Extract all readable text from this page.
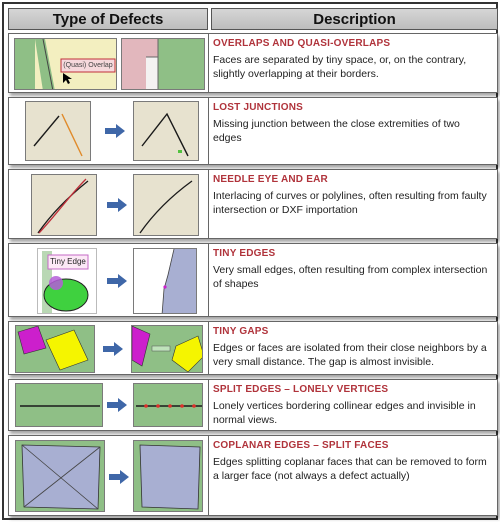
Type of Defects	Description
(Quasi) Overlap
OVERLAPS AND QUASI-OVERLAPS
Faces are separated by tiny space, or, on the contrary, slightly overlapping at their borders.
LOST JUNCTIONS
Missing junction between the close extremities of two edges
NEEDLE EYE AND EAR
Interlacing of curves or polylines, often resulting from faulty intersection or DXF importation
Tiny Edge
TINY EDGES
Very small edges, often resulting from complex intersection of shapes
TINY GAPS
Edges or faces are isolated from their close neighbors by a very small distance. The gap is almost invisible.
SPLIT EDGES – LONELY VERTICES
Lonely vertices bordering collinear edges and invisible in normal views.
COPLANAR EDGES – SPLIT FACES
Edges splitting coplanar faces that can be removed to form a larger face (not always a defect actually)
